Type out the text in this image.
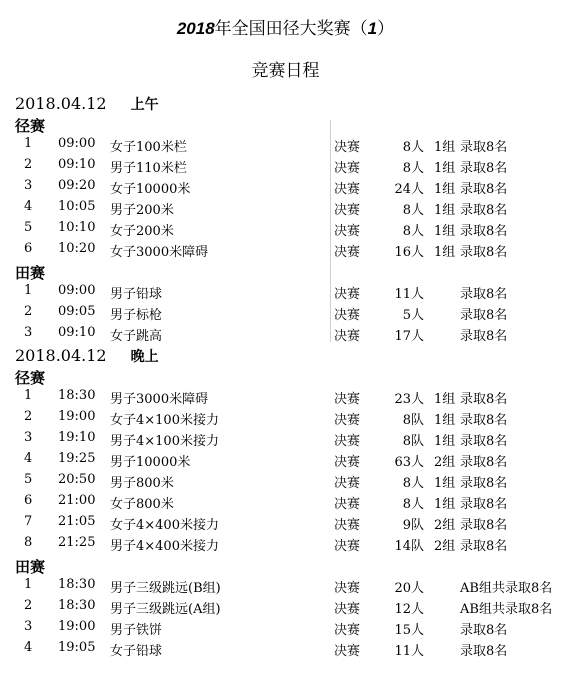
2018年全国田径大奖赛（1）
竞赛日程
2018.04.12 上午
径赛
1 09:00 女子100米栏	决赛	8人 1组 录取8名
2 09:10 男子110米栏	决赛	8人 1组 录取8名
3 09:20 女子10000米	决赛	24人 1组 录取8名
4 10:05 男子200米	决赛	8人 1组 录取8名
5 10:10 女子200米	决赛	8人 1组 录取8名
6 10:20 女子3000米障碍	决赛	16人 1组 录取8名
田赛
1 09:00 男子铅球	决赛	11人	录取8名
2 09:05 男子标枪	决赛	5人	录取8名
3 09:10 女子跳高	决赛	17人	录取8名
2018.04.12 晚上
径赛
1 18:30 男子3000米障碍	决赛	23人 1组 录取8名
2 19:00 女子4×100米接力	决赛	8队 1组 录取8名
3 19:10 男子4×100米接力	决赛	8队 1组 录取8名
4 19:25 男子10000米	决赛	63人 2组 录取8名
5 20:50 男子800米	决赛	8人 1组 录取8名
6 21:00 女子800米	决赛	8人 1组 录取8名
7 21:05 女子4×400米接力	决赛	9队 2组 录取8名
8 21:25 男子4×400米接力	决赛	14队 2组 录取8名
田赛
1 18:30 男子三级跳远(B组)	决赛	20人	AB组共录取8名
2 18:30 男子三级跳远(A组)	决赛	12人	AB组共录取8名
3 19:00 男子铁饼	决赛	15人	录取8名
4 19:05 女子铅球	决赛	11人	录取8名
